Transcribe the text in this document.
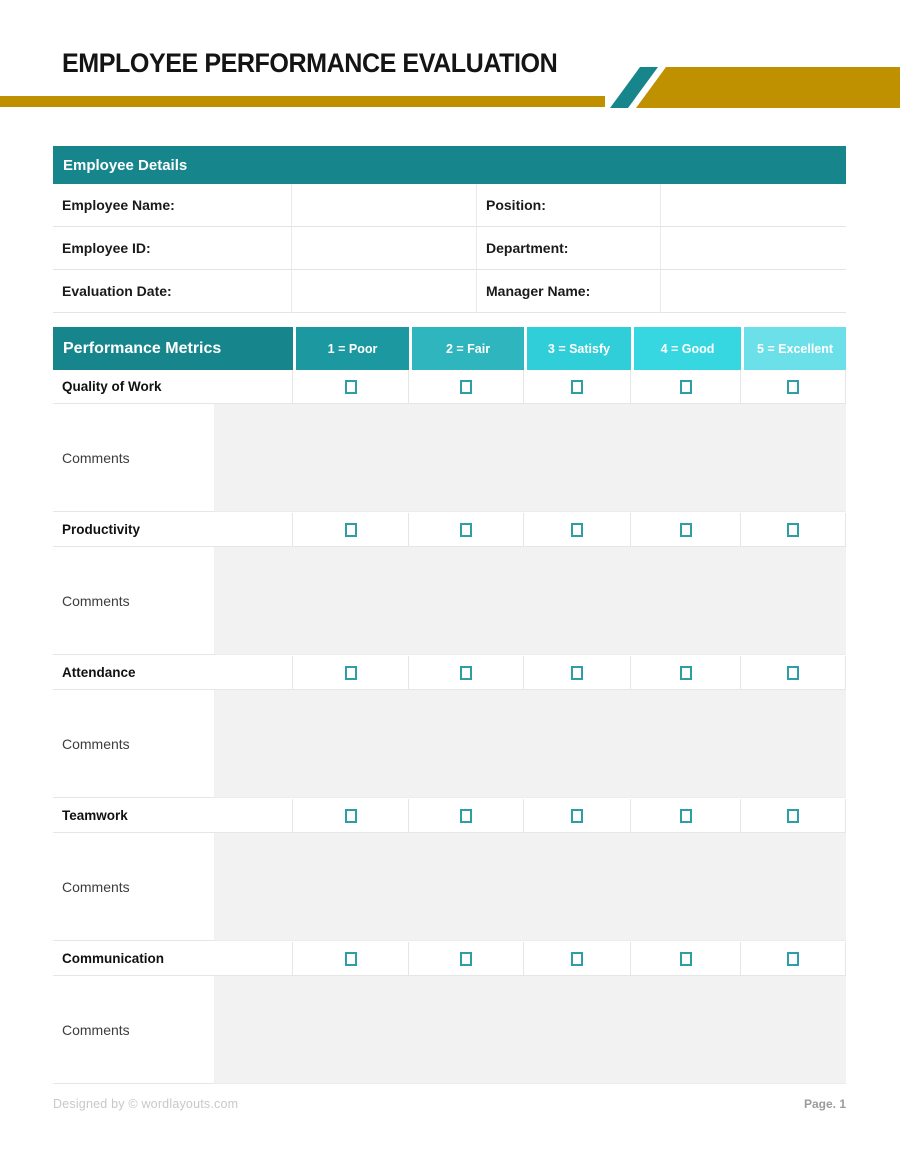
EMPLOYEE PERFORMANCE EVALUATION
Employee Details
Employee Name:	Position:
Employee ID:	Department:
Evaluation Date:	Manager Name:
Performance Metrics	1 = Poor	2 = Fair	3 = Satisfy	4 = Good	5 = Excellent
Quality of Work
Comments
Productivity
Comments
Attendance
Comments
Teamwork
Comments
Communication
Comments
Designed by © wordlayouts.com	Page. 1
